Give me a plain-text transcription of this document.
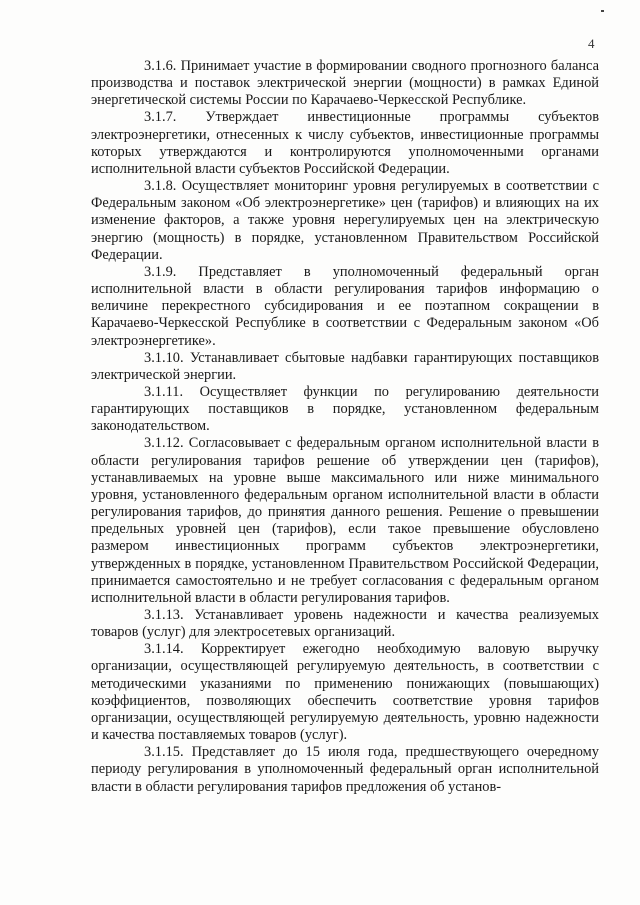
4

3.1.6. Принимает участие в формировании сводного прогнозного баланса производства и поставок электрической энергии (мощности) в рамках Единой энергетической системы России по Карачаево-Черкесской Республике.

3.1.7. Утверждает инвестиционные программы субъектов электроэнергетики, отнесенных к числу субъектов, инвестиционные программы которых утверждаются и контролируются уполномоченными органами исполнительной власти субъектов Российской Федерации.

3.1.8. Осуществляет мониторинг уровня регулируемых в соответствии с Федеральным законом «Об электроэнергетике» цен (тарифов) и влияющих на их изменение факторов, а также уровня нерегулируемых цен на электрическую энергию (мощность) в порядке, установленном Правительством Российской Федерации.

3.1.9. Представляет в уполномоченный федеральный орган исполнительной власти в области регулирования тарифов информацию о величине перекрестного субсидирования и ее поэтапном сокращении в Карачаево-Черкесской Республике в соответствии с Федеральным законом «Об электроэнергетике».

3.1.10. Устанавливает сбытовые надбавки гарантирующих поставщиков электрической энергии.

3.1.11. Осуществляет функции по регулированию деятельности гарантирующих поставщиков в порядке, установленном федеральным законодательством.

3.1.12. Согласовывает с федеральным органом исполнительной власти в области регулирования тарифов решение об утверждении цен (тарифов), устанавливаемых на уровне выше максимального или ниже минимального уровня, установленного федеральным органом исполнительной власти в области регулирования тарифов, до принятия данного решения. Решение о превышении предельных уровней цен (тарифов), если такое превышение обусловлено размером инвестиционных программ субъектов электроэнергетики, утвержденных в порядке, установленном Правительством Российской Федерации, принимается самостоятельно и не требует согласования с федеральным органом исполнительной власти в области регулирования тарифов.

3.1.13. Устанавливает уровень надежности и качества реализуемых товаров (услуг) для электросетевых организаций.

3.1.14. Корректирует ежегодно необходимую валовую выручку организации, осуществляющей регулируемую деятельность, в соответствии с методическими указаниями по применению понижающих (повышающих) коэффициентов, позволяющих обеспечить соответствие уровня тарифов организации, осуществляющей регулируемую деятельность, уровню надежности и качества поставляемых товаров (услуг).

3.1.15. Представляет до 15 июля года, предшествующего очередному периоду регулирования в уполномоченный федеральный орган исполнительной власти в области регулирования тарифов предложения об установ-
